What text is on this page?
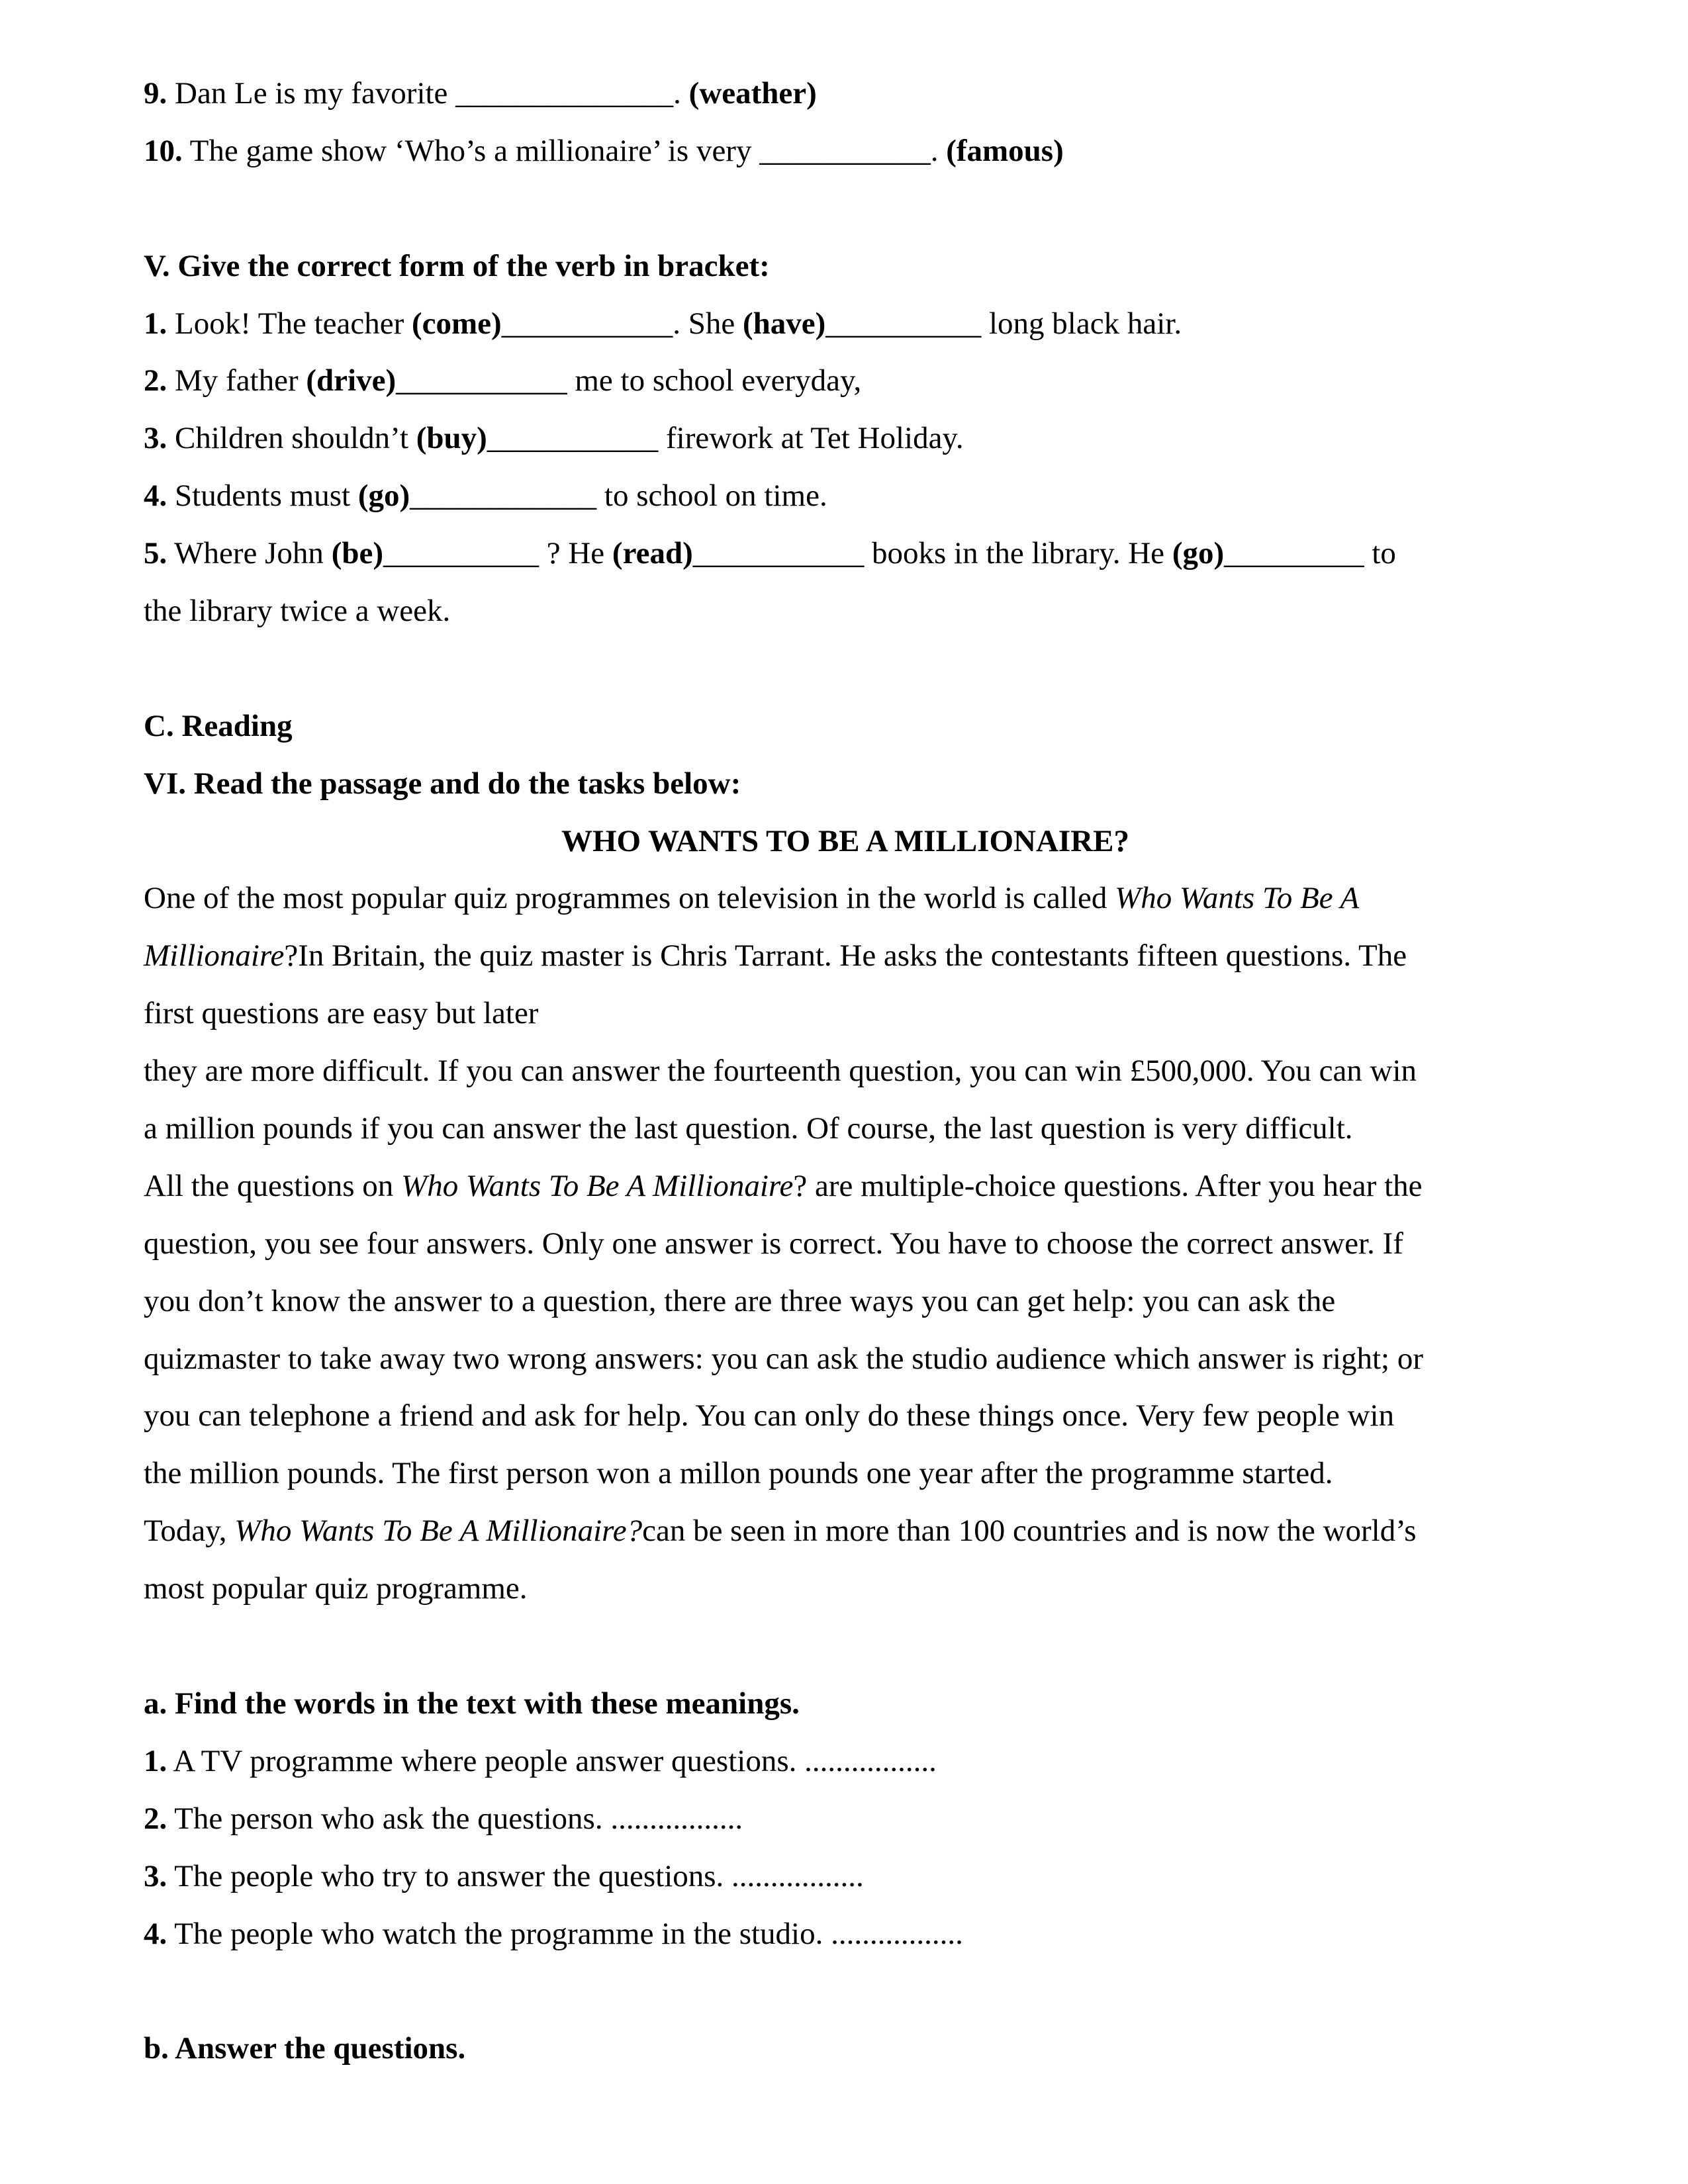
9. Dan Le is my favorite ______________. (weather)
10. The game show ‘Who’s a millionaire’ is very ___________. (famous)
V. Give the correct form of the verb in bracket:
1. Look! The teacher (come)___________. She (have)__________ long black hair.
2. My father (drive)___________ me to school everyday,
3. Children shouldn’t (buy)___________ firework at Tet Holiday.
4. Students must (go)____________ to school on time.
5. Where John (be)__________ ? He (read)___________ books in the library. He (go)_________ to
the library twice a week.
C. Reading
VI. Read the passage and do the tasks below:
WHO WANTS TO BE A MILLIONAIRE?
One of the most popular quiz programmes on television in the world is called Who Wants To Be A
Millionaire?In Britain, the quiz master is Chris Tarrant. He asks the contestants fifteen questions. The
first questions are easy but later
they are more difficult. If you can answer the fourteenth question, you can win £500,000. You can win
a million pounds if you can answer the last question. Of course, the last question is very difficult.
All the questions on Who Wants To Be A Millionaire? are multiple-choice questions. After you hear the
question, you see four answers. Only one answer is correct. You have to choose the correct answer. If
you don’t know the answer to a question, there are three ways you can get help: you can ask the
quizmaster to take away two wrong answers: you can ask the studio audience which answer is right; or
you can telephone a friend and ask for help. You can only do these things once. Very few people win
the million pounds. The first person won a millon pounds one year after the programme started.
Today, Who Wants To Be A Millionaire?can be seen in more than 100 countries and is now the world’s
most popular quiz programme.
a. Find the words in the text with these meanings.
1. A TV programme where people answer questions. .................
2. The person who ask the questions. .................
3. The people who try to answer the questions. .................
4. The people who watch the programme in the studio. .................
b. Answer the questions.
